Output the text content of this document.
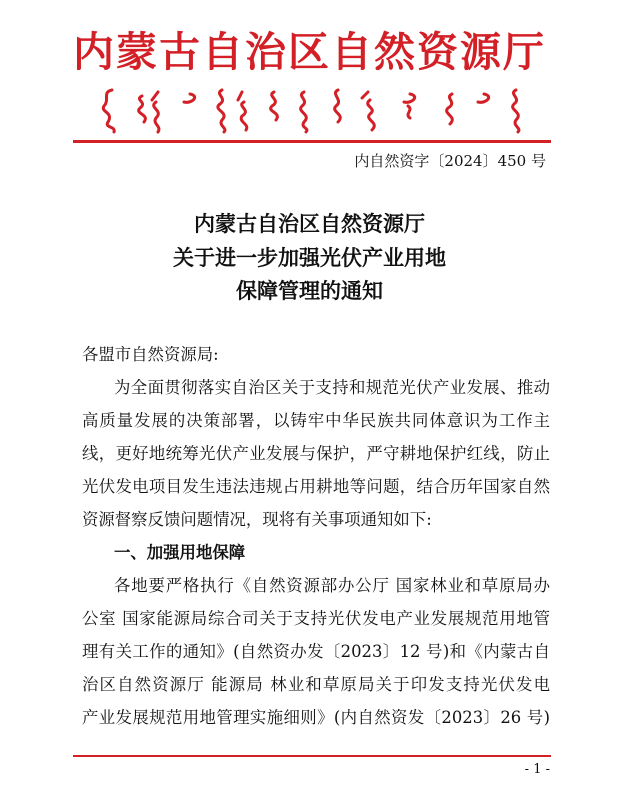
内蒙古自治区自然资源厅
内自然资字〔2024〕450 号
内蒙古自治区自然资源厅
关于进一步加强光伏产业用地
保障管理的通知
各盟市自然资源局:
为全面贯彻落实自治区关于支持和规范光伏产业发展、推动
高质量发展的决策部署，以铸牢中华民族共同体意识为工作主
线，更好地统筹光伏产业发展与保护，严守耕地保护红线，防止
光伏发电项目发生违法违规占用耕地等问题，结合历年国家自然
资源督察反馈问题情况，现将有关事项通知如下:
一、加强用地保障
各地要严格执行《自然资源部办公厅 国家林业和草原局办
公室 国家能源局综合司关于支持光伏发电产业发展规范用地管
理有关工作的通知》(自然资办发〔2023〕12 号)和《内蒙古自
治区自然资源厅 能源局 林业和草原局关于印发支持光伏发电
产业发展规范用地管理实施细则》(内自然资发〔2023〕26 号)
- 1 -
